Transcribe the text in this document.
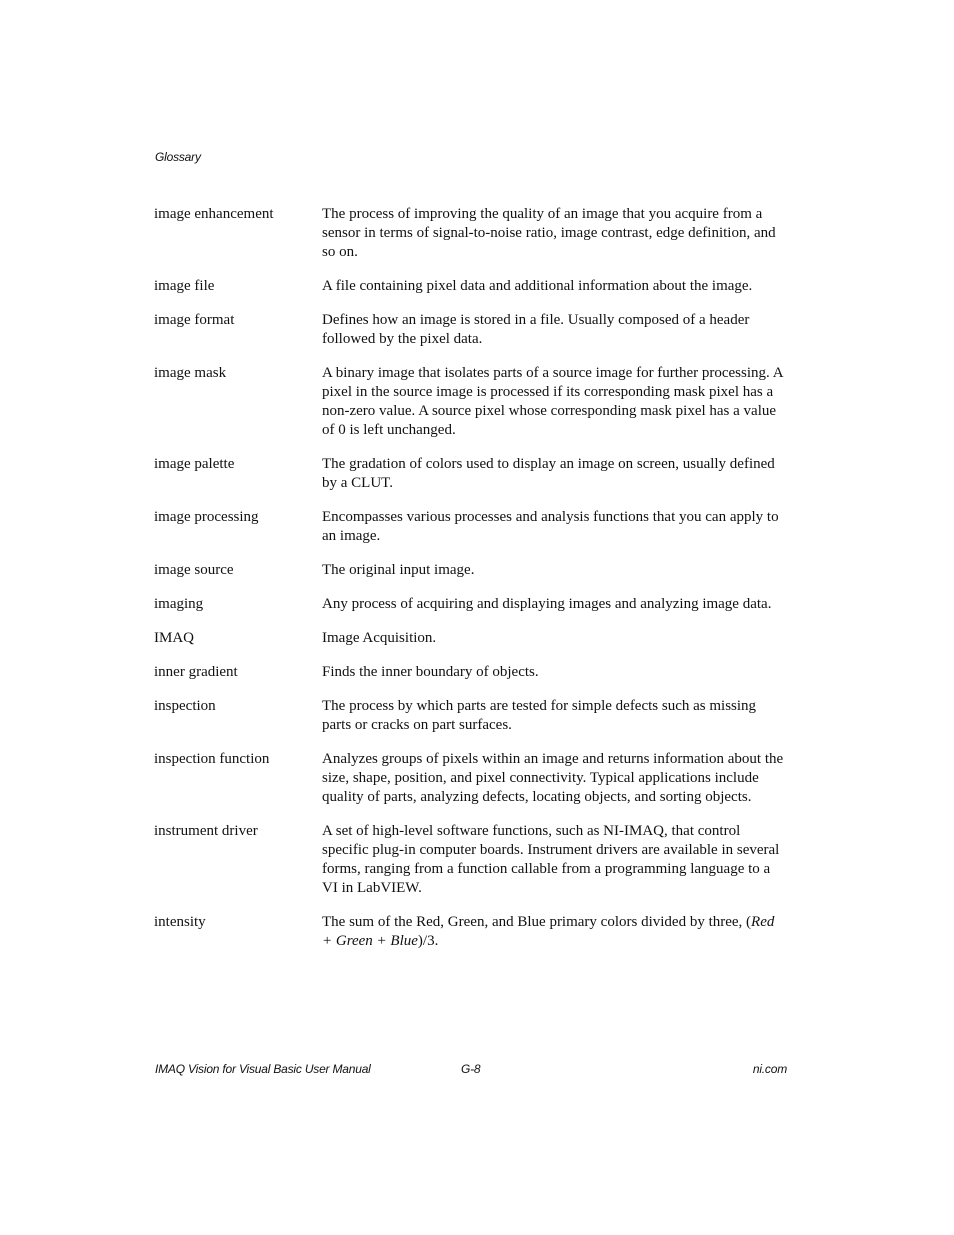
Glossary
image enhancement	The process of improving the quality of an image that you acquire from a sensor in terms of signal-to-noise ratio, image contrast, edge definition, and so on.
image file	A file containing pixel data and additional information about the image.
image format	Defines how an image is stored in a file. Usually composed of a header followed by the pixel data.
image mask	A binary image that isolates parts of a source image for further processing. A pixel in the source image is processed if its corresponding mask pixel has a non-zero value. A source pixel whose corresponding mask pixel has a value of 0 is left unchanged.
image palette	The gradation of colors used to display an image on screen, usually defined by a CLUT.
image processing	Encompasses various processes and analysis functions that you can apply to an image.
image source	The original input image.
imaging	Any process of acquiring and displaying images and analyzing image data.
IMAQ	Image Acquisition.
inner gradient	Finds the inner boundary of objects.
inspection	The process by which parts are tested for simple defects such as missing parts or cracks on part surfaces.
inspection function	Analyzes groups of pixels within an image and returns information about the size, shape, position, and pixel connectivity. Typical applications include quality of parts, analyzing defects, locating objects, and sorting objects.
instrument driver	A set of high-level software functions, such as NI-IMAQ, that control specific plug-in computer boards. Instrument drivers are available in several forms, ranging from a function callable from a programming language to a VI in LabVIEW.
intensity	The sum of the Red, Green, and Blue primary colors divided by three, (Red + Green + Blue)/3.
IMAQ Vision for Visual Basic User Manual	G-8	ni.com
